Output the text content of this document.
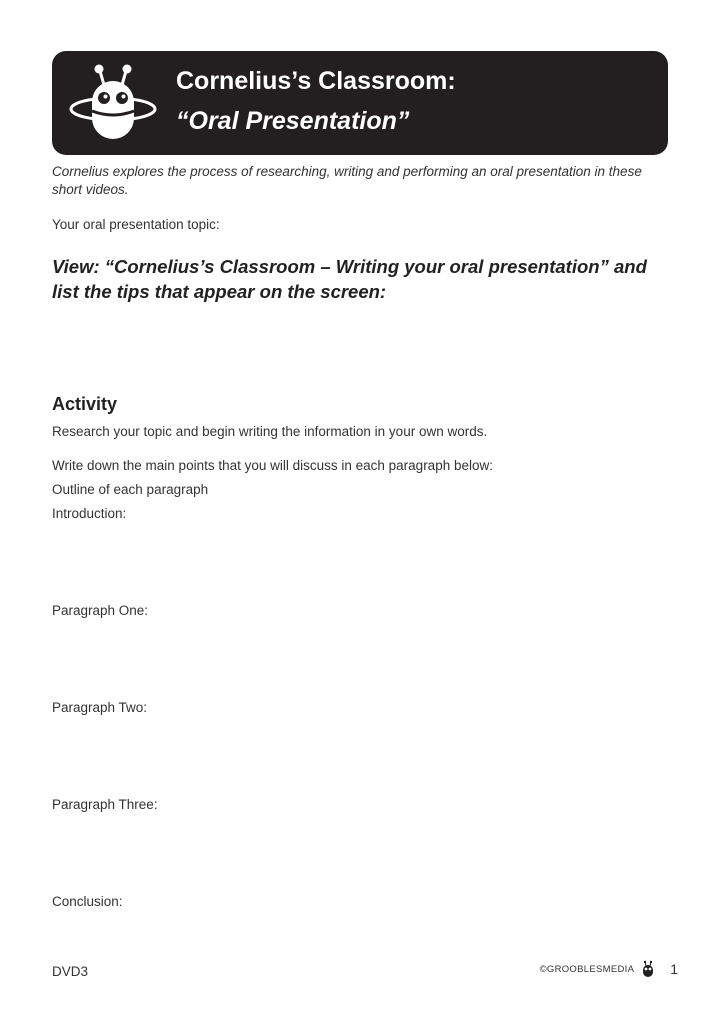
Cornelius’s Classroom:
“Oral Presentation”
Cornelius explores the process of researching, writing and performing an oral presentation in these short videos.
Your oral presentation topic:
View: “Cornelius’s Classroom – Writing your oral presentation” and list the tips that appear on the screen:
Activity
Research your topic and begin writing the information in your own words.
Write down the main points that you will discuss in each paragraph below:
Outline of each paragraph
Introduction:
Paragraph One:
Paragraph Two:
Paragraph Three:
Conclusion:
DVD3	©GROOBLESMEDIA	1
